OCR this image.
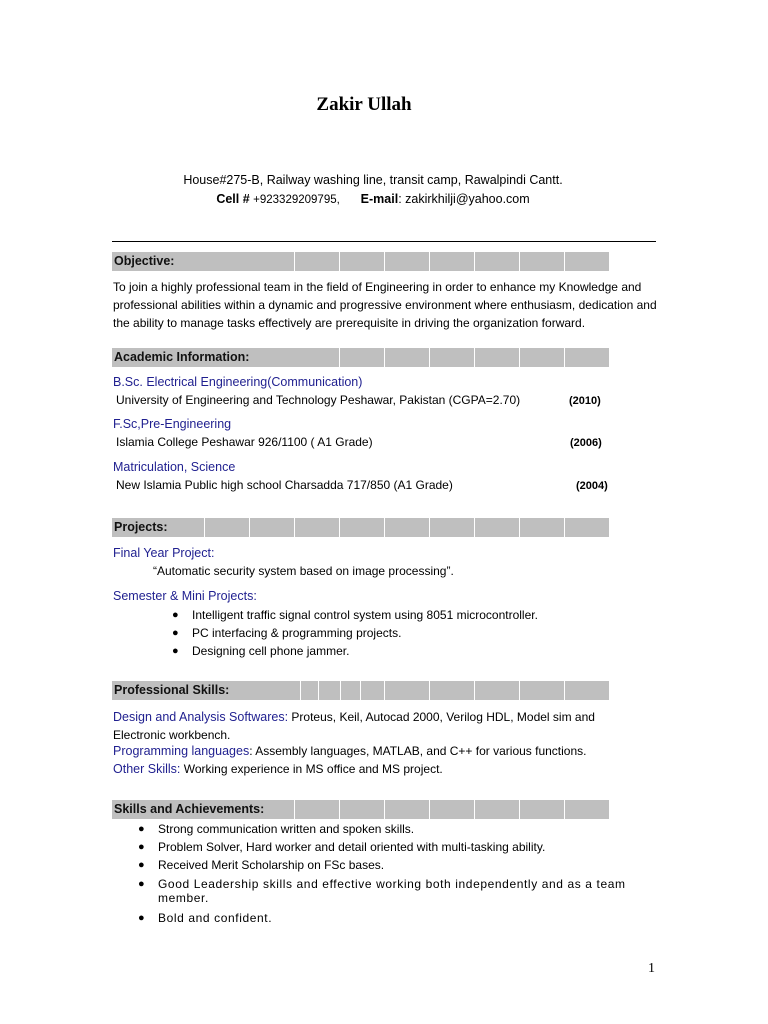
Zakir Ullah
House#275-B, Railway washing line, transit camp, Rawalpindi Cantt.
Cell # +923329209795, E-mail: zakirkhilji@yahoo.com
Objective:
To join a highly professional team in the field of Engineering in order to enhance my Knowledge and professional abilities within a dynamic and progressive environment where enthusiasm, dedication and the ability to manage tasks effectively are prerequisite in driving the organization forward.
Academic Information:
B.Sc. Electrical Engineering(Communication)
University of Engineering and Technology Peshawar, Pakistan (CGPA=2.70)	(2010)
F.Sc,Pre-Engineering
Islamia College Peshawar 926/1100 ( A1 Grade)	(2006)
Matriculation, Science
New Islamia Public high school Charsadda 717/850 (A1 Grade)	(2004)
Projects:
Final Year Project:
“Automatic security system based on image processing”.
Semester & Mini Projects:
● Intelligent traffic signal control system using 8051 microcontroller.
● PC interfacing & programming projects.
● Designing cell phone jammer.
Professional Skills:
Design and Analysis Softwares: Proteus, Keil, Autocad 2000, Verilog HDL, Model sim and Electronic workbench.
Programming languages: Assembly languages, MATLAB, and C++ for various functions.
Other Skills: Working experience in MS office and MS project.
Skills and Achievements:
● Strong communication written and spoken skills.
● Problem Solver, Hard worker and detail oriented with multi-tasking ability.
● Received Merit Scholarship on FSc bases.
● Good Leadership skills and effective working both independently and as a team member.
● Bold and confident.
1
